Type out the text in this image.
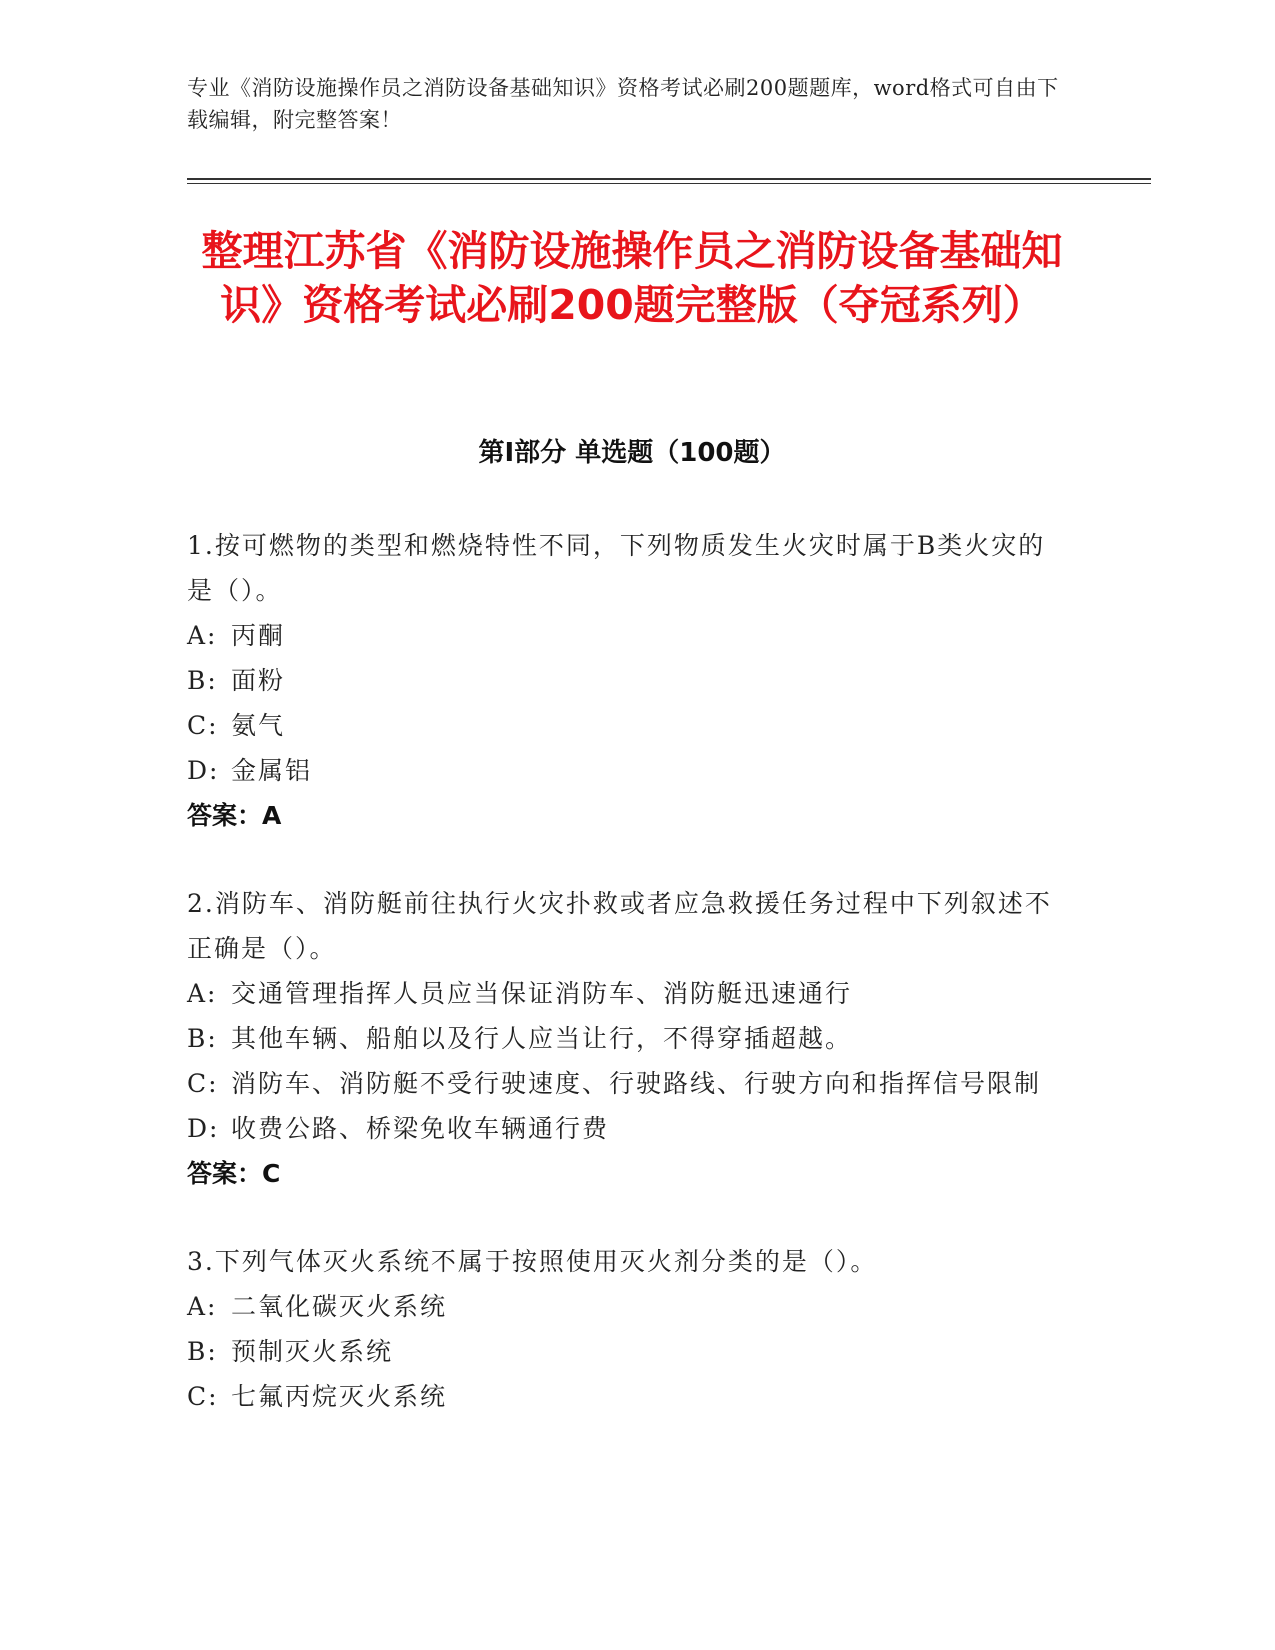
专业《消防设施操作员之消防设备基础知识》资格考试必刷200题题库，word格式可自由下载编辑，附完整答案！
整理江苏省《消防设施操作员之消防设备基础知识》资格考试必刷200题完整版（夺冠系列）
第I部分 单选题（100题）
1.按可燃物的类型和燃烧特性不同，下列物质发生火灾时属于B类火灾的是（）。
A: 丙酮
B: 面粉
C: 氨气
D: 金属铝
答案：A
2.消防车、消防艇前往执行火灾扑救或者应急救援任务过程中下列叙述不正确是（）。
A: 交通管理指挥人员应当保证消防车、消防艇迅速通行
B: 其他车辆、船舶以及行人应当让行，不得穿插超越。
C: 消防车、消防艇不受行驶速度、行驶路线、行驶方向和指挥信号限制
D: 收费公路、桥梁免收车辆通行费
答案：C
3.下列气体灭火系统不属于按照使用灭火剂分类的是（）。
A: 二氧化碳灭火系统
B: 预制灭火系统
C: 七氟丙烷灭火系统
